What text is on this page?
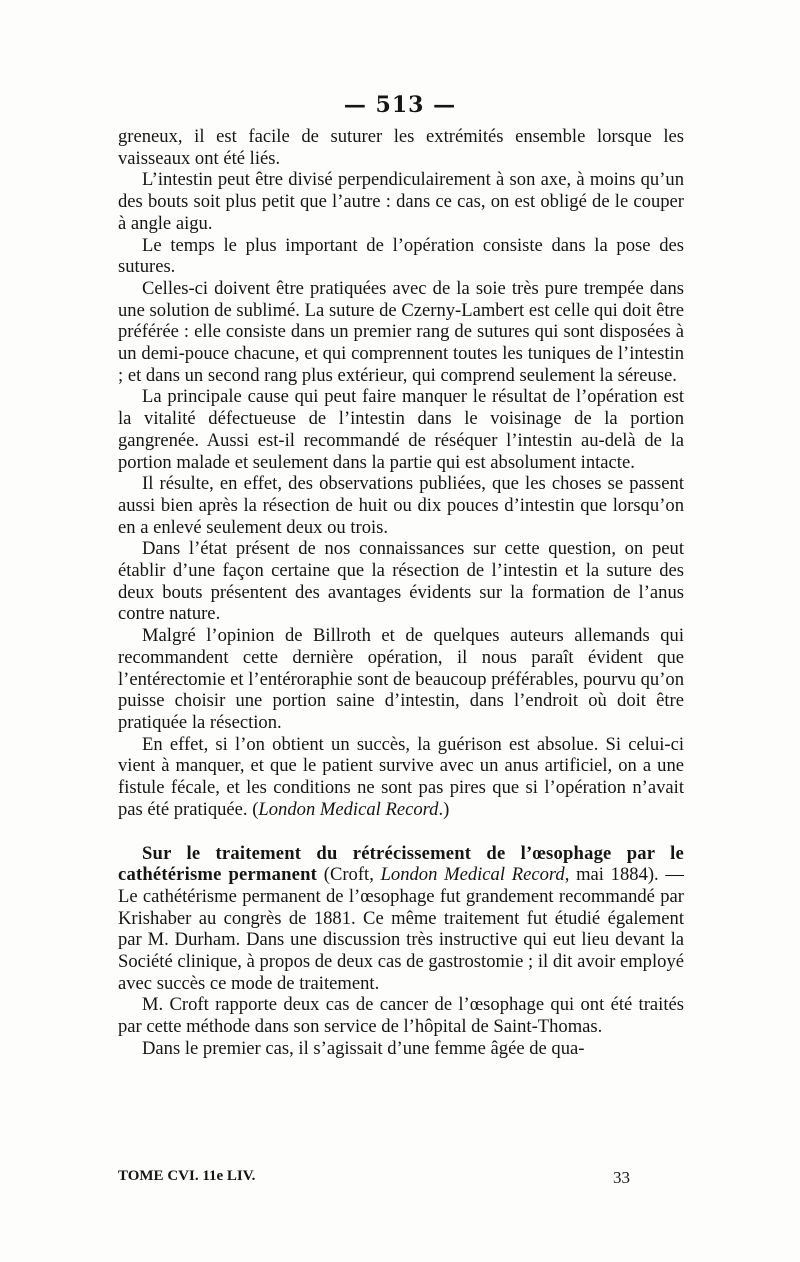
— 513 —

greneux, il est facile de suturer les extrémités ensemble lorsque les vaisseaux ont été liés.

L’intestin peut être divisé perpendiculairement à son axe, à moins qu’un des bouts soit plus petit que l’autre : dans ce cas, on est obligé de le couper à angle aigu.

Le temps le plus important de l’opération consiste dans la pose des sutures.

Celles-ci doivent être pratiquées avec de la soie très pure trempée dans une solution de sublimé. La suture de Czerny-Lambert est celle qui doit être préférée : elle consiste dans un premier rang de sutures qui sont disposées à un demi-pouce chacune, et qui comprennent toutes les tuniques de l’intestin ; et dans un second rang plus extérieur, qui comprend seulement la séreuse.

La principale cause qui peut faire manquer le résultat de l’opération est la vitalité défectueuse de l’intestin dans le voisinage de la portion gangrenée. Aussi est-il recommandé de réséquer l’intestin au-delà de la portion malade et seulement dans la partie qui est absolument intacte.

Il résulte, en effet, des observations publiées, que les choses se passent aussi bien après la résection de huit ou dix pouces d’intestin que lorsqu’on en a enlevé seulement deux ou trois.

Dans l’état présent de nos connaissances sur cette question, on peut établir d’une façon certaine que la résection de l’intestin et la suture des deux bouts présentent des avantages évidents sur la formation de l’anus contre nature.

Malgré l’opinion de Billroth et de quelques auteurs allemands qui recommandent cette dernière opération, il nous paraît évident que l’entérectomie et l’entéroraphie sont de beaucoup préférables, pourvu qu’on puisse choisir une portion saine d’intestin, dans l’endroit où doit être pratiquée la résection.

En effet, si l’on obtient un succès, la guérison est absolue. Si celui-ci vient à manquer, et que le patient survive avec un anus artificiel, on a une fistule fécale, et les conditions ne sont pas pires que si l’opération n’avait pas été pratiquée. (London Medical Record.)

Sur le traitement du rétrécissement de l’œsophage par le cathétérisme permanent (Croft, London Medical Record, mai 1884). — Le cathétérisme permanent de l’œsophage fut grandement recommandé par Krishaber au congrès de 1881. Ce même traitement fut étudié également par M. Durham. Dans une discussion très instructive qui eut lieu devant la Société clinique, à propos de deux cas de gastrostomie ; il dit avoir employé avec succès ce mode de traitement.

M. Croft rapporte deux cas de cancer de l’œsophage qui ont été traités par cette méthode dans son service de l’hôpital de Saint-Thomas.

Dans le premier cas, il s’agissait d’une femme âgée de qua-

TOME CVI. 11e LIV.	33
